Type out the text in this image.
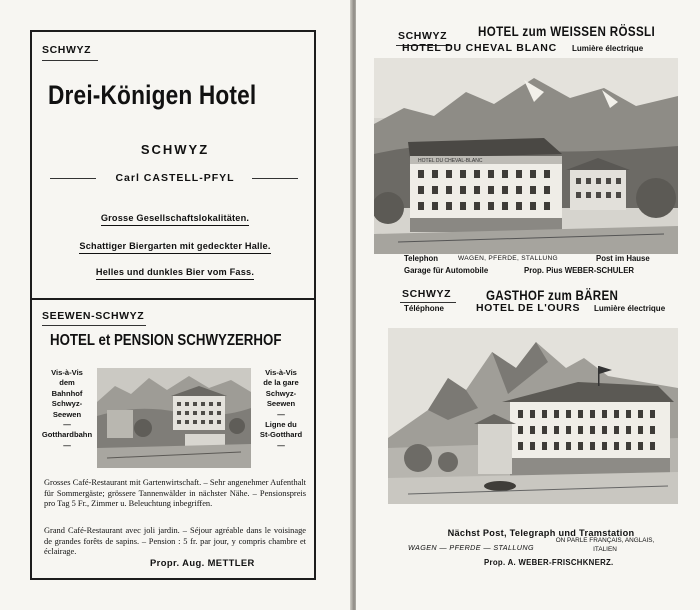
SCHWYZ
Drei-Königen Hotel
SCHWYZ
Carl CASTELL-PFYL
Grosse Gesellschaftslokalitäten.
Schattiger Biergarten mit gedeckter Halle.
Helles und dunkles Bier vom Fass.
SEEWEN-SCHWYZ
HOTEL et PENSION SCHWYZERHOF
Vis-à-Vis
dem
Bahnhof
Schwyz-
Seewen
—
Gotthardbahn
—
Vis-à-Vis
de la gare
Schwyz-
Seewen
—
Ligne du
St-Gotthard
—
Grosses Café-Restaurant mit Gartenwirtschaft. – Sehr angenehmer Aufenthalt für Sommergäste; grössere Tannenwälder in nächster Nähe. – Pensionspreis pro Tag 5 Fr., Zimmer u. Beleuchtung inbegriffen.
Grand Café-Restaurant avec joli jardin. – Séjour agréable dans le voisinage de grandes forêts de sapins. – Pension : 5 fr. par jour, y compris chambre et éclairage.
Propr. Aug. METTLER
SCHWYZ HOTEL zum WEISSEN RÖSSLI
HOTEL DU CHEVAL BLANC Lumière électrique
HOTEL DU CHEVAL-BLANC
Telephon	WAGEN, PFERDE, STALLUNG	Post im Hause
Garage für Automobile	Prop. Pius WEBER-SCHULER
SCHWYZ	GASTHOF zum BÄREN
Téléphone	HOTEL DE L'OURS Lumière électrique
Nächst Post, Telegraph und Tramstation
WAGEN — PFERDE — STALLUNG
ON PARLE FRANÇAIS, ANGLAIS, ITALIEN
Prop. A. WEBER-FRISCHKNERZ.
